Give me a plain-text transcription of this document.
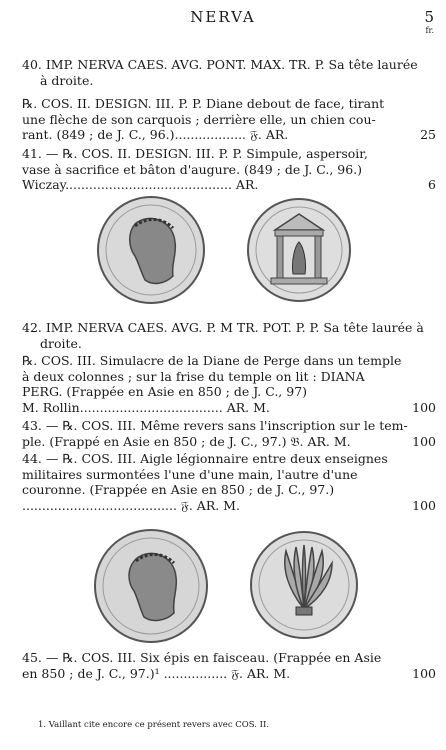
NERVA	5
fr.
40. IMP. NERVA CAES. AVG. PONT. MAX. TR. P. Sa tête laurée
à droite.
℞. COS. II. DESIGN. III. P. P. Diane debout de face, tirant
une flèche de son carquois ; derrière elle, un chien cou-
rant. (849 ; de J. C., 96.).................. 𝔉. AR.	25
41. — ℞. COS. II. DESIGN. III. P. P. Simpule, aspersoir,
vase à sacrifice et bâton d'augure. (849 ; de J. C., 96.)
Wiczay.......................................... AR.	6
42. IMP. NERVA CAES. AVG. P. M TR. POT. P. P. Sa tête laurée à
droite.
℞. COS. III. Simulacre de la Diane de Perge dans un temple
à deux colonnes ; sur la frise du temple on lit : DIANA
PERG. (Frappée en Asie en 850 ; de J. C., 97)
M. Rollin.................................... AR. M.	100
43. — ℞. COS. III. Même revers sans l'inscription sur le tem-
ple. (Frappé en Asie en 850 ; de J. C., 97.) 𝔅. AR. M.	100
44. — ℞. COS. III. Aigle légionnaire entre deux enseignes
militaires surmontées l'une d'une main, l'autre d'une
couronne. (Frappée en Asie en 850 ; de J. C., 97.)
....................................... 𝔉. AR. M.	100
45. — ℞. COS. III. Six épis en faisceau. (Frappée en Asie
en 850 ; de J. C., 97.)¹ ................ 𝔉. AR. M.	100
1. Vaillant cite encore ce présent revers avec COS. II.
